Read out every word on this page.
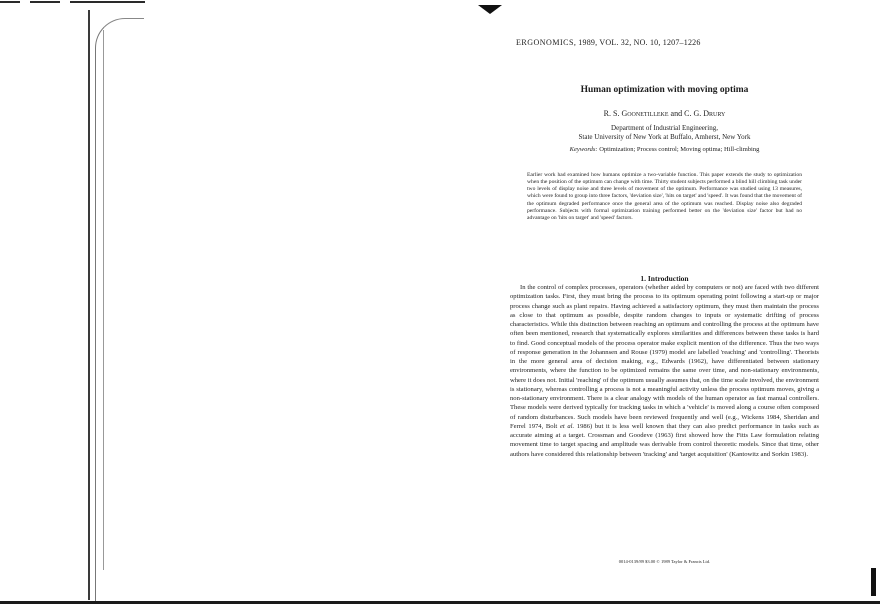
ERGONOMICS, 1989, VOL. 32, NO. 10, 1207–1226
Human optimization with moving optima
R. S. Goonetilleke and C. G. Drury
Department of Industrial Engineering,
State University of New York at Buffalo, Amherst, New York
Keywords: Optimization; Process control; Moving optima; Hill-climbing
Earlier work had examined how humans optimize a two-variable function. This paper extends the study to optimization when the position of the optimum can change with time. Thirty student subjects performed a blind hill climbing task under two levels of display noise and three levels of movement of the optimum. Performance was studied using 13 measures, which were found to group into three factors, 'deviation size', 'hits on target' and 'speed'. It was found that the movement of the optimum degraded performance once the general area of the optimum was reached. Display noise also degraded performance. Subjects with formal optimization training performed better on the 'deviation size' factor but had no advantage on 'hits on target' and 'speed' factors.
1. Introduction

In the control of complex processes, operators (whether aided by computers or not) are faced with two different optimization tasks. First, they must bring the process to its optimum operating point following a start-up or major process change such as plant repairs. Having achieved a satisfactory optimum, they must then maintain the process as close to that optimum as possible, despite random changes to inputs or systematic drifting of process characteristics. While this distinction between reaching an optimum and controlling the process at the optimum have often been mentioned, research that systematically explores similarities and differences between these tasks is hard to find. Good conceptual models of the process operator make explicit mention of the difference. Thus the two ways of response generation in the Johannsen and Rouse (1979) model are labelled 'reaching' and 'controlling'. Theorists in the more general area of decision making, e.g., Edwards (1962), have differentiated between stationary environments, where the function to be optimized remains the same over time, and non-stationary environments, where it does not. Initial 'reaching' of the optimum usually assumes that, on the time scale involved, the environment is stationary, whereas controlling a process is not a meaningful activity unless the process optimum moves, giving a non-stationary environment. There is a clear analogy with models of the human operator as fast manual controllers. These models were derived typically for tracking tasks in which a 'vehicle' is moved along a course often composed of random disturbances. Such models have been reviewed frequently and well (e.g., Wickens 1984, Sheridan and Ferrel 1974, Bolt et al. 1986) but it is less well known that they can also predict performance in tasks such as accurate aiming at a target. Crossman and Goodeve (1963) first showed how the Fitts Law formulation relating movement time to target spacing and amplitude was derivable from control theoretic models. Since that time, other authors have considered this relationship between 'tracking' and 'target acquisition' (Kantowitz and Sorkin 1983).

0014-0139/89 $3.00 © 1989 Taylor & Francis Ltd.
